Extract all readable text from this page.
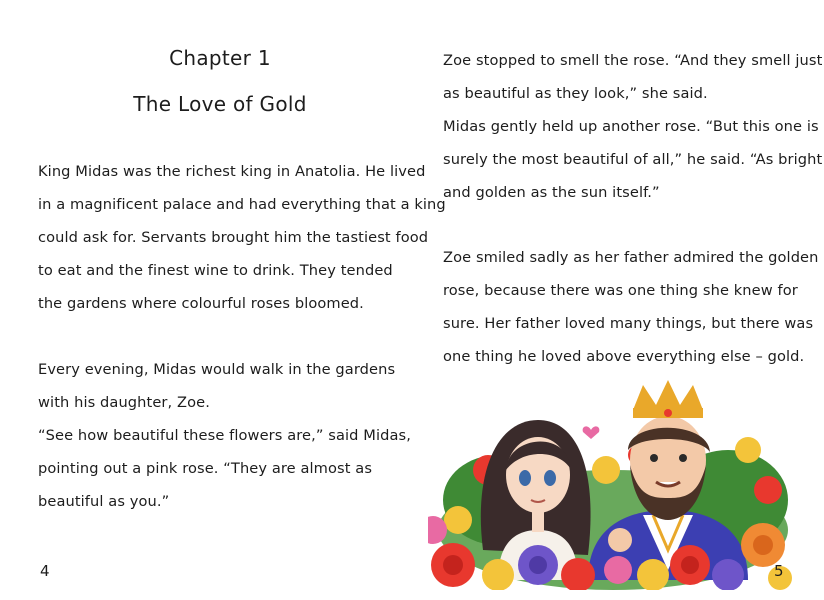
Chapter 1
The Love of Gold
King Midas was the richest king in Anatolia. He lived
in a magnificent palace and had everything that a king
could ask for. Servants brought him the tastiest food
to eat and the finest wine to drink. They tended
the gardens where colourful roses bloomed.
Every evening, Midas would walk in the gardens
with his daughter, Zoe.
“See how beautiful these flowers are,” said Midas,
pointing out a pink rose. “They are almost as
beautiful as you.”
4
Zoe stopped to smell the rose. “And they smell just
as beautiful as they look,” she said.
Midas gently held up another rose. “But this one is
surely the most beautiful of all,” he said. “As bright
and golden as the sun itself.”
Zoe smiled sadly as her father admired the golden
rose, because there was one thing she knew for
sure. Her father loved many things, but there was
one thing he loved above everything else – gold.
5
